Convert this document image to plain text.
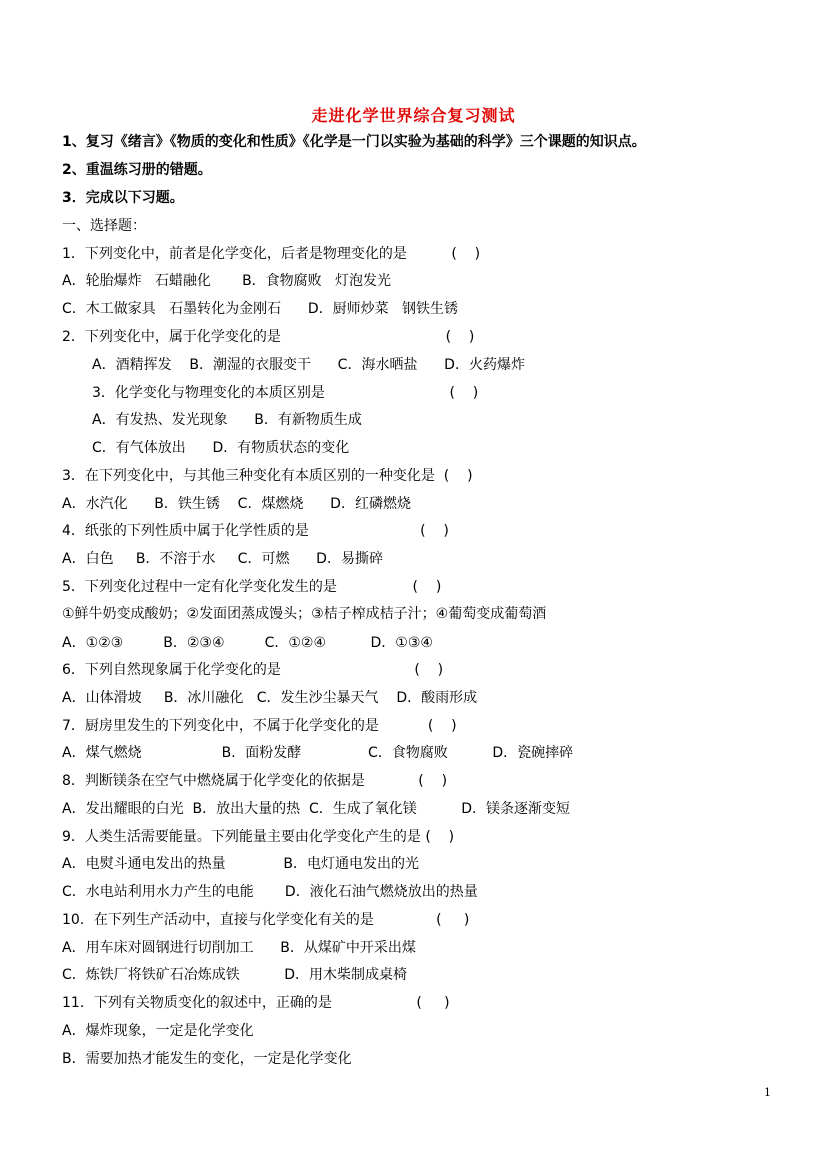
走进化学世界综合复习测试
1、复习《绪言》《物质的变化和性质》《化学是一门以实验为基础的科学》三个课题的知识点。
2、重温练习册的错题。
3．完成以下习题。
一、选择题：
1．下列变化中，前者是化学变化，后者是物理变化的是          (    )
A．轮胎爆炸   石蜡融化       B．食物腐败   灯泡发光
C．木工做家具   石墨转化为金刚石      D．厨师炒菜   钢铁生锈
2．下列变化中，属于化学变化的是                                     (    )
A．酒精挥发    B．潮湿的衣服变干      C．海水晒盐      D．火药爆炸
3．化学变化与物理变化的本质区别是                            (    )
A．有发热、发光现象      B．有新物质生成
C．有气体放出      D．有物质状态的变化
3．在下列变化中，与其他三种变化有本质区别的一种变化是  (    )
A．水汽化      B．铁生锈    C．煤燃烧      D．红磷燃烧
4．纸张的下列性质中属于化学性质的是                         (    )
A．白色     B．不溶于水     C．可燃      D．易撕碎
5．下列变化过程中一定有化学变化发生的是                 (    )
①鲜牛奶变成酸奶；②发面团蒸成馒头；③桔子榨成桔子汁；④葡萄变成葡萄酒
A．①②③         B．②③④         C．①②④          D．①③④
6．下列自然现象属于化学变化的是                              (    )
A．山体滑坡     B．冰川融化   C．发生沙尘暴天气    D．酸雨形成
7．厨房里发生的下列变化中，不属于化学变化的是           (    )
A．煤气燃烧                  B．面粉发酵               C．食物腐败          D．瓷碗摔碎
8．判断镁条在空气中燃烧属于化学变化的依据是            (    )
A．发出耀眼的白光  B．放出大量的热  C．生成了氧化镁          D．镁条逐渐变短
9．人类生活需要能量。下列能量主要由化学变化产生的是 (    )
A．电熨斗通电发出的热量             B．电灯通电发出的光
C．水电站利用水力产生的电能       D．液化石油气燃烧放出的热量
10．在下列生产活动中，直接与化学变化有关的是              (     )
A．用车床对圆钢进行切削加工      B．从煤矿中开采出煤
C．炼铁厂将铁矿石冶炼成铁          D．用木柴制成桌椅
11．下列有关物质变化的叙述中，正确的是                   (     )
A．爆炸现象，一定是化学变化
B．需要加热才能发生的变化，一定是化学变化
1
